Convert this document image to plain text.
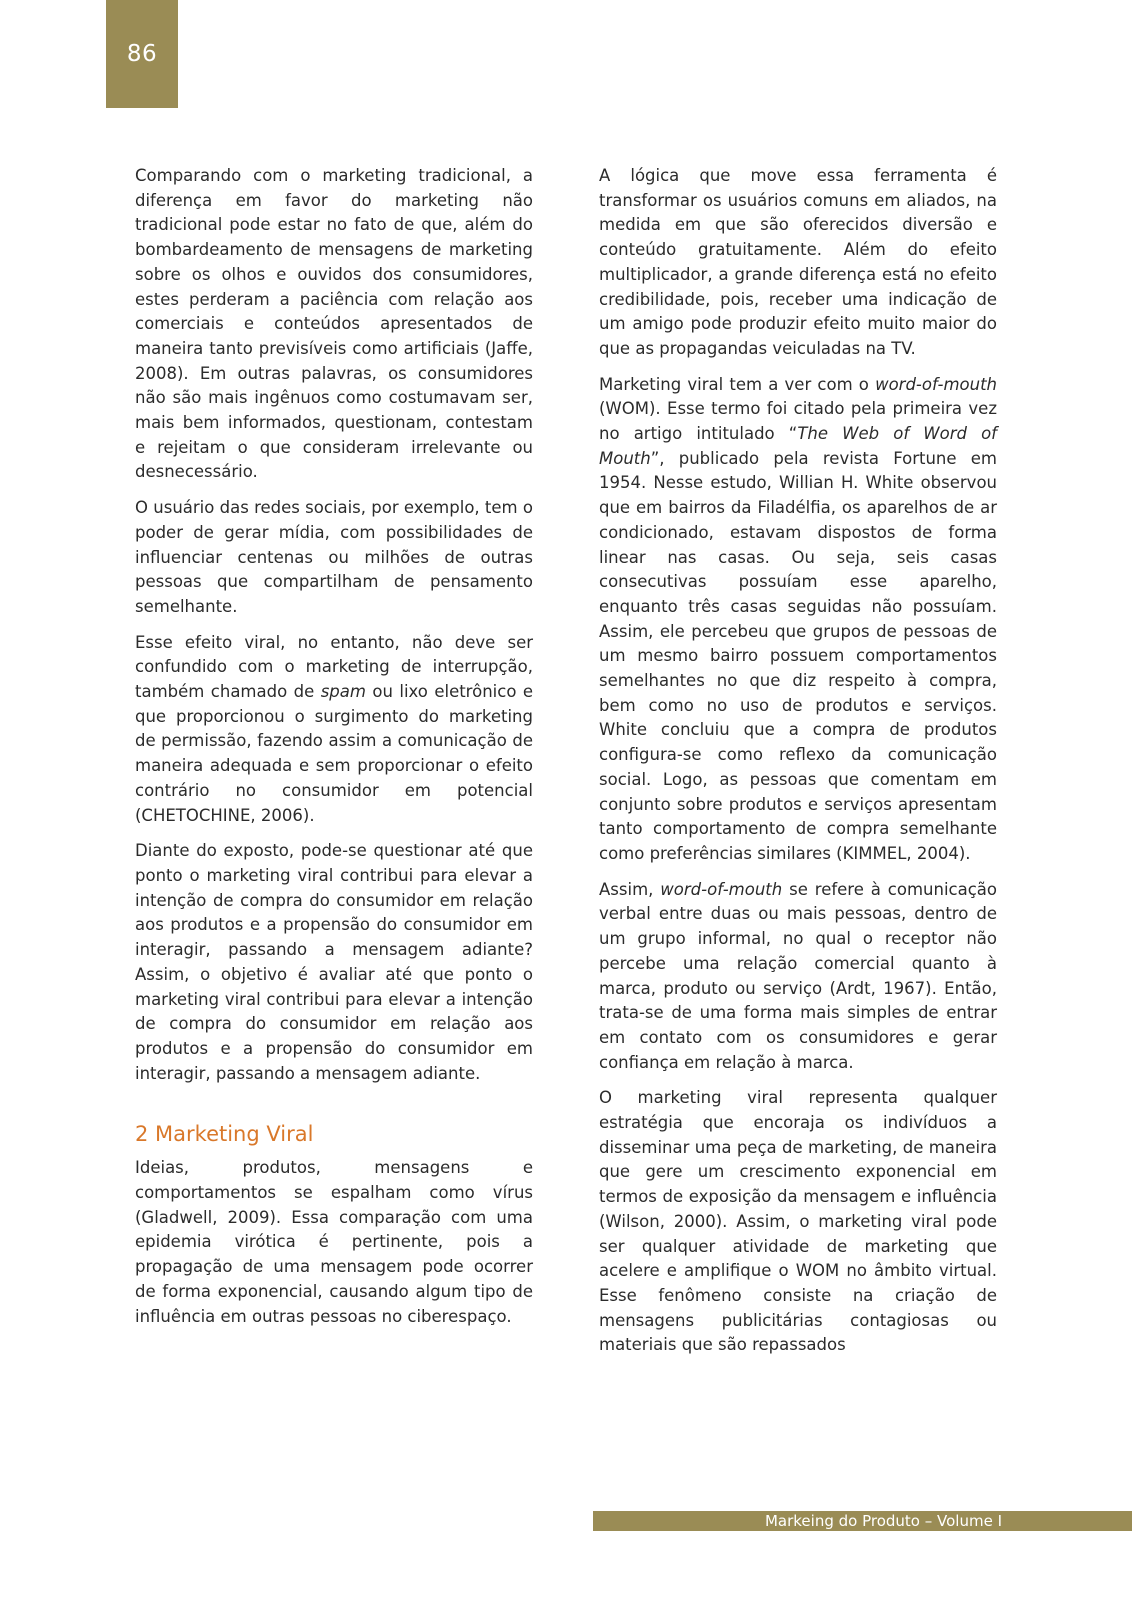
86

Comparando com o marketing tradicional, a diferença em favor do marketing não tradicional pode estar no fato de que, além do bombardeamento de mensagens de marketing sobre os olhos e ouvidos dos consumidores, estes perderam a paciência com relação aos comerciais e conteúdos apresentados de maneira tanto previsíveis como artificiais (Jaffe, 2008). Em outras palavras, os consumidores não são mais ingênuos como costumavam ser, mais bem informados, questionam, contestam e rejeitam o que consideram irrelevante ou desnecessário.

O usuário das redes sociais, por exemplo, tem o poder de gerar mídia, com possibilidades de influenciar centenas ou milhões de outras pessoas que compartilham de pensamento semelhante.

Esse efeito viral, no entanto, não deve ser confundido com o marketing de interrupção, também chamado de spam ou lixo eletrônico e que proporcionou o surgimento do marketing de permissão, fazendo assim a comunicação de maneira adequada e sem proporcionar o efeito contrário no consumidor em potencial (CHETOCHINE, 2006).

Diante do exposto, pode-se questionar até que ponto o marketing viral contribui para elevar a intenção de compra do consumidor em relação aos produtos e a propensão do consumidor em interagir, passando a mensagem adiante? Assim, o objetivo é avaliar até que ponto o marketing viral contribui para elevar a intenção de compra do consumidor em relação aos produtos e a propensão do consumidor em interagir, passando a mensagem adiante.

2 Marketing Viral

Ideias, produtos, mensagens e comportamentos se espalham como vírus (Gladwell, 2009). Essa comparação com uma epidemia virótica é pertinente, pois a propagação de uma mensagem pode ocorrer de forma exponencial, causando algum tipo de influência em outras pessoas no ciberespaço.

A lógica que move essa ferramenta é transformar os usuários comuns em aliados, na medida em que são oferecidos diversão e conteúdo gratuitamente. Além do efeito multiplicador, a grande diferença está no efeito credibilidade, pois, receber uma indicação de um amigo pode produzir efeito muito maior do que as propagandas veiculadas na TV.

Marketing viral tem a ver com o word-of-mouth (WOM). Esse termo foi citado pela primeira vez no artigo intitulado “The Web of Word of Mouth”, publicado pela revista Fortune em 1954. Nesse estudo, Willian H. White observou que em bairros da Filadélfia, os aparelhos de ar condicionado, estavam dispostos de forma linear nas casas. Ou seja, seis casas consecutivas possuíam esse aparelho, enquanto três casas seguidas não possuíam. Assim, ele percebeu que grupos de pessoas de um mesmo bairro possuem comportamentos semelhantes no que diz respeito à compra, bem como no uso de produtos e serviços. White concluiu que a compra de produtos configura-se como reflexo da comunicação social. Logo, as pessoas que comentam em conjunto sobre produtos e serviços apresentam tanto comportamento de compra semelhante como preferências similares (KIMMEL, 2004).

Assim, word-of-mouth se refere à comunicação verbal entre duas ou mais pessoas, dentro de um grupo informal, no qual o receptor não percebe uma relação comercial quanto à marca, produto ou serviço (Ardt, 1967). Então, trata-se de uma forma mais simples de entrar em contato com os consumidores e gerar confiança em relação à marca.

O marketing viral representa qualquer estratégia que encoraja os indivíduos a disseminar uma peça de marketing, de maneira que gere um crescimento exponencial em termos de exposição da mensagem e influência (Wilson, 2000). Assim, o marketing viral pode ser qualquer atividade de marketing que acelere e amplifique o WOM no âmbito virtual. Esse fenômeno consiste na criação de mensagens publicitárias contagiosas ou materiais que são repassados

Markeing do Produto – Volume I
